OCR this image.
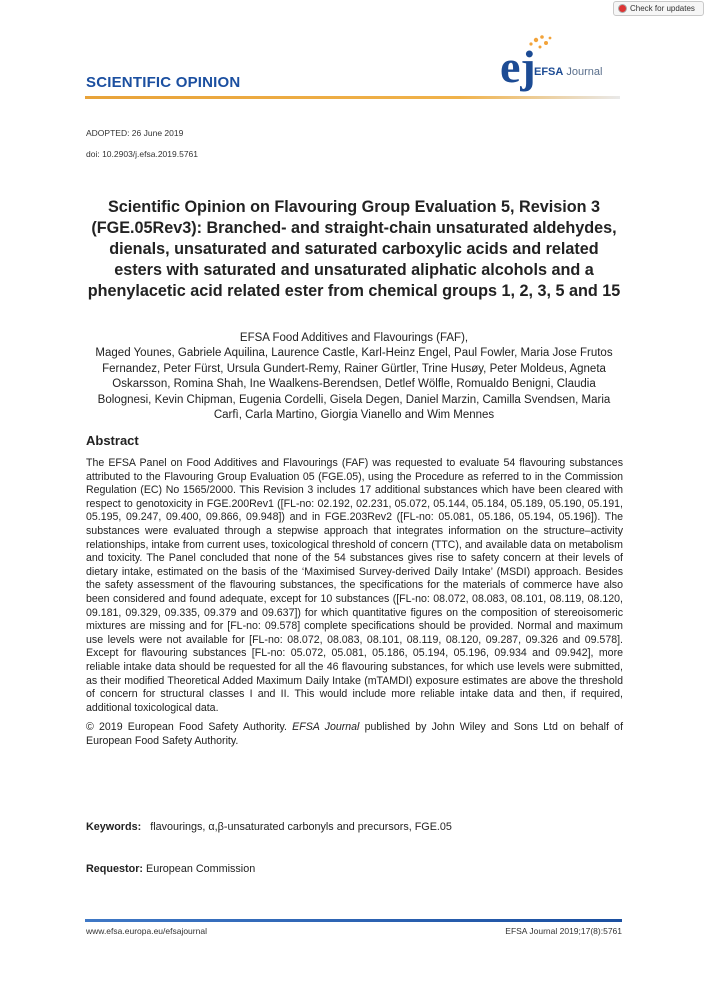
Check for updates
ej
EFSA Journal
SCIENTIFIC OPINION
ADOPTED: 26 June 2019
doi: 10.2903/j.efsa.2019.5761
Scientific Opinion on Flavouring Group Evaluation 5, Revision 3 (FGE.05Rev3): Branched- and straight-chain unsaturated aldehydes, dienals, unsaturated and saturated carboxylic acids and related esters with saturated and unsaturated aliphatic alcohols and a phenylacetic acid related ester from chemical groups 1, 2, 3, 5 and 15
EFSA Food Additives and Flavourings (FAF),
Maged Younes, Gabriele Aquilina, Laurence Castle, Karl-Heinz Engel, Paul Fowler, Maria Jose Frutos Fernandez, Peter Fürst, Ursula Gundert-Remy, Rainer Gürtler, Trine Husøy, Peter Moldeus, Agneta Oskarsson, Romina Shah, Ine Waalkens-Berendsen, Detlef Wölfle, Romualdo Benigni, Claudia Bolognesi, Kevin Chipman, Eugenia Cordelli, Gisela Degen, Daniel Marzin, Camilla Svendsen, Maria Carfì, Carla Martino, Giorgia Vianello and Wim Mennes
Abstract

The EFSA Panel on Food Additives and Flavourings (FAF) was requested to evaluate 54 flavouring substances attributed to the Flavouring Group Evaluation 05 (FGE.05), using the Procedure as referred to in the Commission Regulation (EC) No 1565/2000. This Revision 3 includes 17 additional substances which have been cleared with respect to genotoxicity in FGE.200Rev1 ([FL-no: 02.192, 02.231, 05.072, 05.144, 05.184, 05.189, 05.190, 05.191, 05.195, 09.247, 09.400, 09.866, 09.948]) and in FGE.203Rev2 ([FL-no: 05.081, 05.186, 05.194, 05.196]). The substances were evaluated through a stepwise approach that integrates information on the structure–activity relationships, intake from current uses, toxicological threshold of concern (TTC), and available data on metabolism and toxicity. The Panel concluded that none of the 54 substances gives rise to safety concern at their levels of dietary intake, estimated on the basis of the ‘Maximised Survey-derived Daily Intake’ (MSDI) approach. Besides the safety assessment of the flavouring substances, the specifications for the materials of commerce have also been considered and found adequate, except for 10 substances ([FL-no: 08.072, 08.083, 08.101, 08.119, 08.120, 09.181, 09.329, 09.335, 09.379 and 09.637]) for which quantitative figures on the composition of stereoisomeric mixtures are missing and for [FL-no: 09.578] complete specifications should be provided. Normal and maximum use levels were not available for [FL-no: 08.072, 08.083, 08.101, 08.119, 08.120, 09.287, 09.326 and 09.578]. Except for flavouring substances [FL-no: 05.072, 05.081, 05.186, 05.194, 05.196, 09.934 and 09.942], more reliable intake data should be requested for all the 46 flavouring substances, for which use levels were submitted, as their modified Theoretical Added Maximum Daily Intake (mTAMDI) exposure estimates are above the threshold of concern for structural classes I and II. This would include more reliable intake data and then, if required, additional toxicological data.

© 2019 European Food Safety Authority. EFSA Journal published by John Wiley and Sons Ltd on behalf of European Food Safety Authority.

Keywords: flavourings, α,β-unsaturated carbonyls and precursors, FGE.05
Requestor: European Commission
www.efsa.europa.eu/efsajournal	EFSA Journal 2019;17(8):5761
